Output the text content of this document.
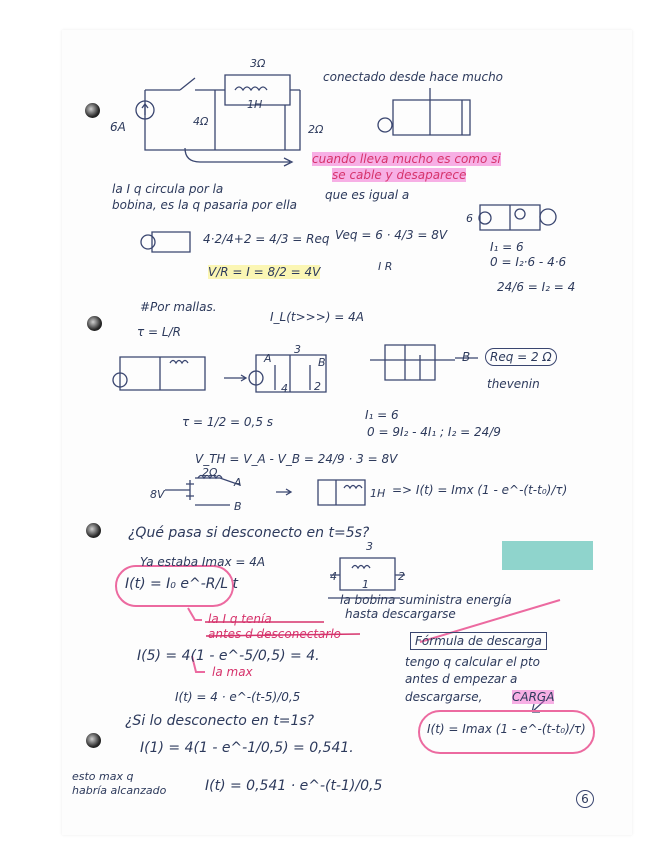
3Ω
1H
4Ω
2Ω
6A
conectado desde hace mucho
cuando lleva mucho es como si
se cable y desaparece
la I q circula por la
bobina, es la q pasaria por ella
que es igual a
4·2/4+2 = 4/3 = Req Veq = 6 · 4/3 = 8V
I R
V/R = I = 8/2 = 4V
6
I₁ = 6
0 = I₂·6 - 4·6
24/6 = I₂ = 4
#Por mallas.
τ = L/R
I_L(t>>>) = 4A
3
A	B
4 2
B	Req = 2 Ω
thevenin
τ = 1/2 = 0,5 s	I₁ = 6
0 = 9I₂ - 4I₁ ; I₂ = 24/9
V_TH = V_A - V_B = 24/9 · 3 = 8V
2Ω
8V
A
B
1H => I(t) = Imx (1 - e^-(t-t₀)/τ)
¿Qué pasa si desconecto en t=5s?
Ya estaba Imax = 4A
I(t) = I₀ e^-R/L t
3
4	2
1
la bobina suministra energía
hasta descargarse
la I q tenía
antes d desconectarlo	Fórmula de descarga
tengo q calcular el pto
antes d empezar a
descargarse, CARGA
I(5) = 4(1 - e^-5/0,5) = 4.
la max
I(t) = 4 · e^-(t-5)/0,5
I(t) = Imax (1 - e^-(t-t₀)/τ)
¿Si lo desconecto en t=1s?
I(1) = 4(1 - e^-1/0,5) = 0,541.
esto max q
habría alcanzado	I(t) = 0,541 · e^-(t-1)/0,5
6
